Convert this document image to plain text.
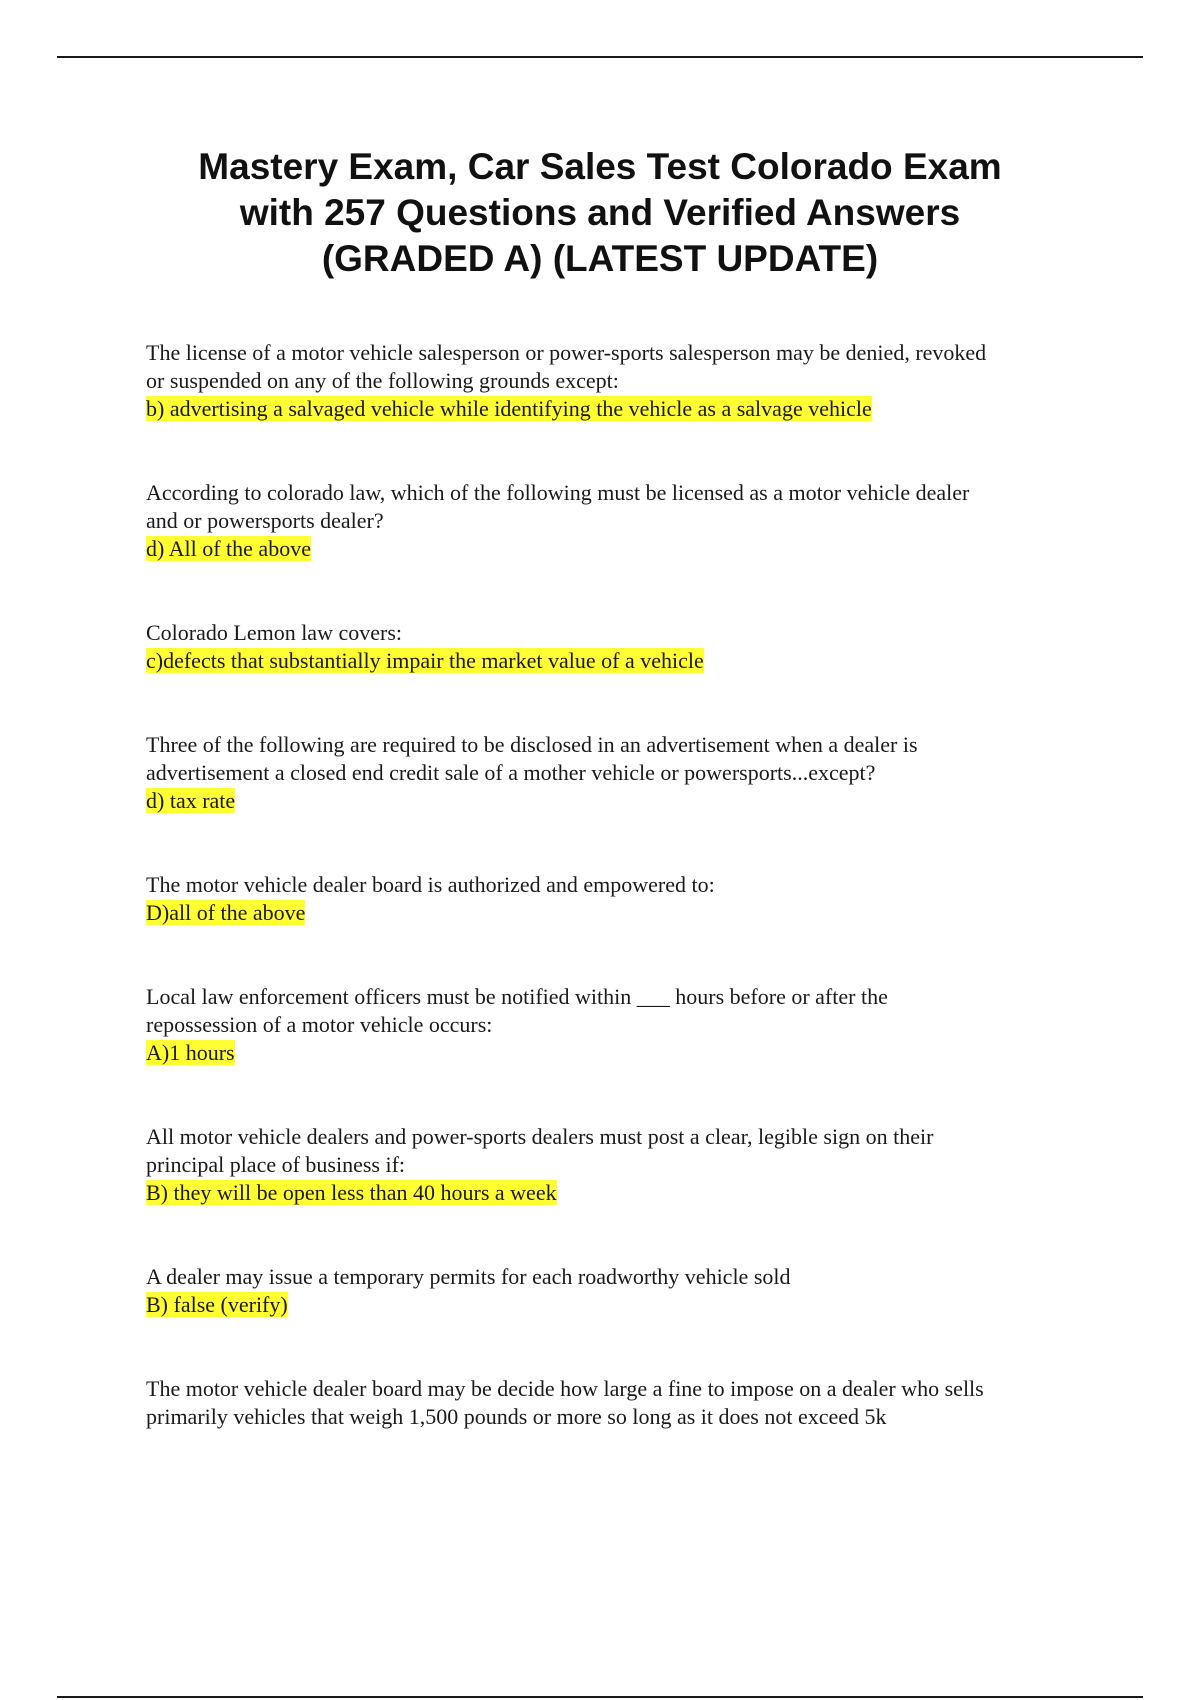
Mastery Exam, Car Sales Test Colorado Exam
with 257 Questions and Verified Answers
(GRADED A) (LATEST UPDATE)
The license of a motor vehicle salesperson or power-sports salesperson may be denied, revoked
or suspended on any of the following grounds except:
b) advertising a salvaged vehicle while identifying the vehicle as a salvage vehicle
According to colorado law, which of the following must be licensed as a motor vehicle dealer
and or powersports dealer?
d) All of the above
Colorado Lemon law covers:
c)defects that substantially impair the market value of a vehicle
Three of the following are required to be disclosed in an advertisement when a dealer is
advertisement a closed end credit sale of a mother vehicle or powersports...except?
d) tax rate
The motor vehicle dealer board is authorized and empowered to:
D)all of the above
Local law enforcement officers must be notified within ___ hours before or after the
repossession of a motor vehicle occurs:
A)1 hours
All motor vehicle dealers and power-sports dealers must post a clear, legible sign on their
principal place of business if:
B) they will be open less than 40 hours a week
A dealer may issue a temporary permits for each roadworthy vehicle sold
B) false (verify)
The motor vehicle dealer board may be decide how large a fine to impose on a dealer who sells
primarily vehicles that weigh 1,500 pounds or more so long as it does not exceed 5k
